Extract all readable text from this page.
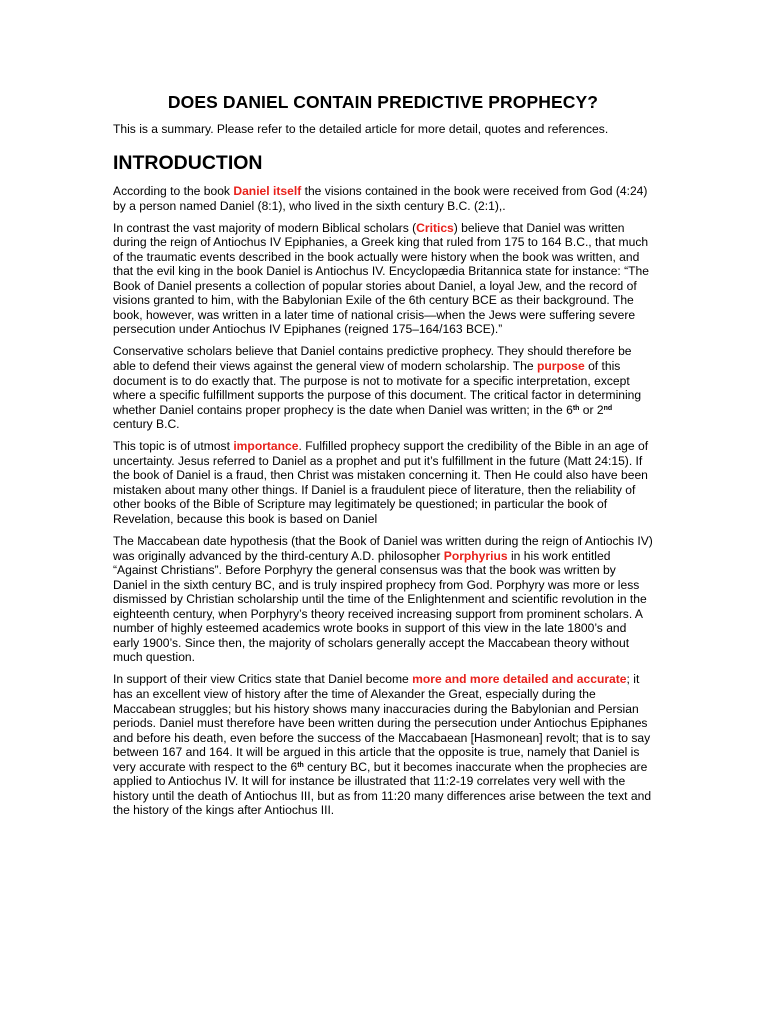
DOES DANIEL CONTAIN PREDICTIVE PROPHECY?
This is a summary. Please refer to the detailed article for more detail, quotes and references.
INTRODUCTION

According to the book Daniel itself the visions contained in the book were received from God (4:24) by a person named Daniel (8:1), who lived in the sixth century B.C. (2:1),.

In contrast the vast majority of modern Biblical scholars (Critics) believe that Daniel was written during the reign of Antiochus IV Epiphanies, a Greek king that ruled from 175 to 164 B.C., that much of the traumatic events described in the book actually were history when the book was written, and that the evil king in the book Daniel is Antiochus IV. Encyclopædia Britannica state for instance: “The Book of Daniel presents a collection of popular stories about Daniel, a loyal Jew, and the record of visions granted to him, with the Babylonian Exile of the 6th century BCE as their background. The book, however, was written in a later time of national crisis—when the Jews were suffering severe persecution under Antiochus IV Epiphanes (reigned 175–164/163 BCE).”

Conservative scholars believe that Daniel contains predictive prophecy. They should therefore be able to defend their views against the general view of modern scholarship. The purpose of this document is to do exactly that. The purpose is not to motivate for a specific interpretation, except where a specific fulfillment supports the purpose of this document. The critical factor in determining whether Daniel contains proper prophecy is the date when Daniel was written; in the 6th or 2nd century B.C.

This topic is of utmost importance. Fulfilled prophecy support the credibility of the Bible in an age of uncertainty. Jesus referred to Daniel as a prophet and put it’s fulfillment in the future (Matt 24:15). If the book of Daniel is a fraud, then Christ was mistaken concerning it. Then He could also have been mistaken about many other things. If Daniel is a fraudulent piece of literature, then the reliability of other books of the Bible of Scripture may legitimately be questioned; in particular the book of Revelation, because this book is based on Daniel

The Maccabean date hypothesis (that the Book of Daniel was written during the reign of Antiochis IV) was originally advanced by the third-century A.D. philosopher Porphyrius in his work entitled “Against Christians”. Before Porphyry the general consensus was that the book was written by Daniel in the sixth century BC, and is truly inspired prophecy from God. Porphyry was more or less dismissed by Christian scholarship until the time of the Enlightenment and scientific revolution in the eighteenth century, when Porphyry’s theory received increasing support from prominent scholars. A number of highly esteemed academics wrote books in support of this view in the late 1800’s and early 1900’s. Since then, the majority of scholars generally accept the Maccabean theory without much question.

In support of their view Critics state that Daniel become more and more detailed and accurate; it has an excellent view of history after the time of Alexander the Great, especially during the Maccabean struggles; but his history shows many inaccuracies during the Babylonian and Persian periods. Daniel must therefore have been written during the persecution under Antiochus Epiphanes and before his death, even before the success of the Maccabaean [Hasmonean] revolt; that is to say between 167 and 164. It will be argued in this article that the opposite is true, namely that Daniel is very accurate with respect to the 6th century BC, but it becomes inaccurate when the prophecies are applied to Antiochus IV. It will for instance be illustrated that 11:2-19 correlates very well with the history until the death of Antiochus III, but as from 11:20 many differences arise between the text and the history of the kings after Antiochus III.
